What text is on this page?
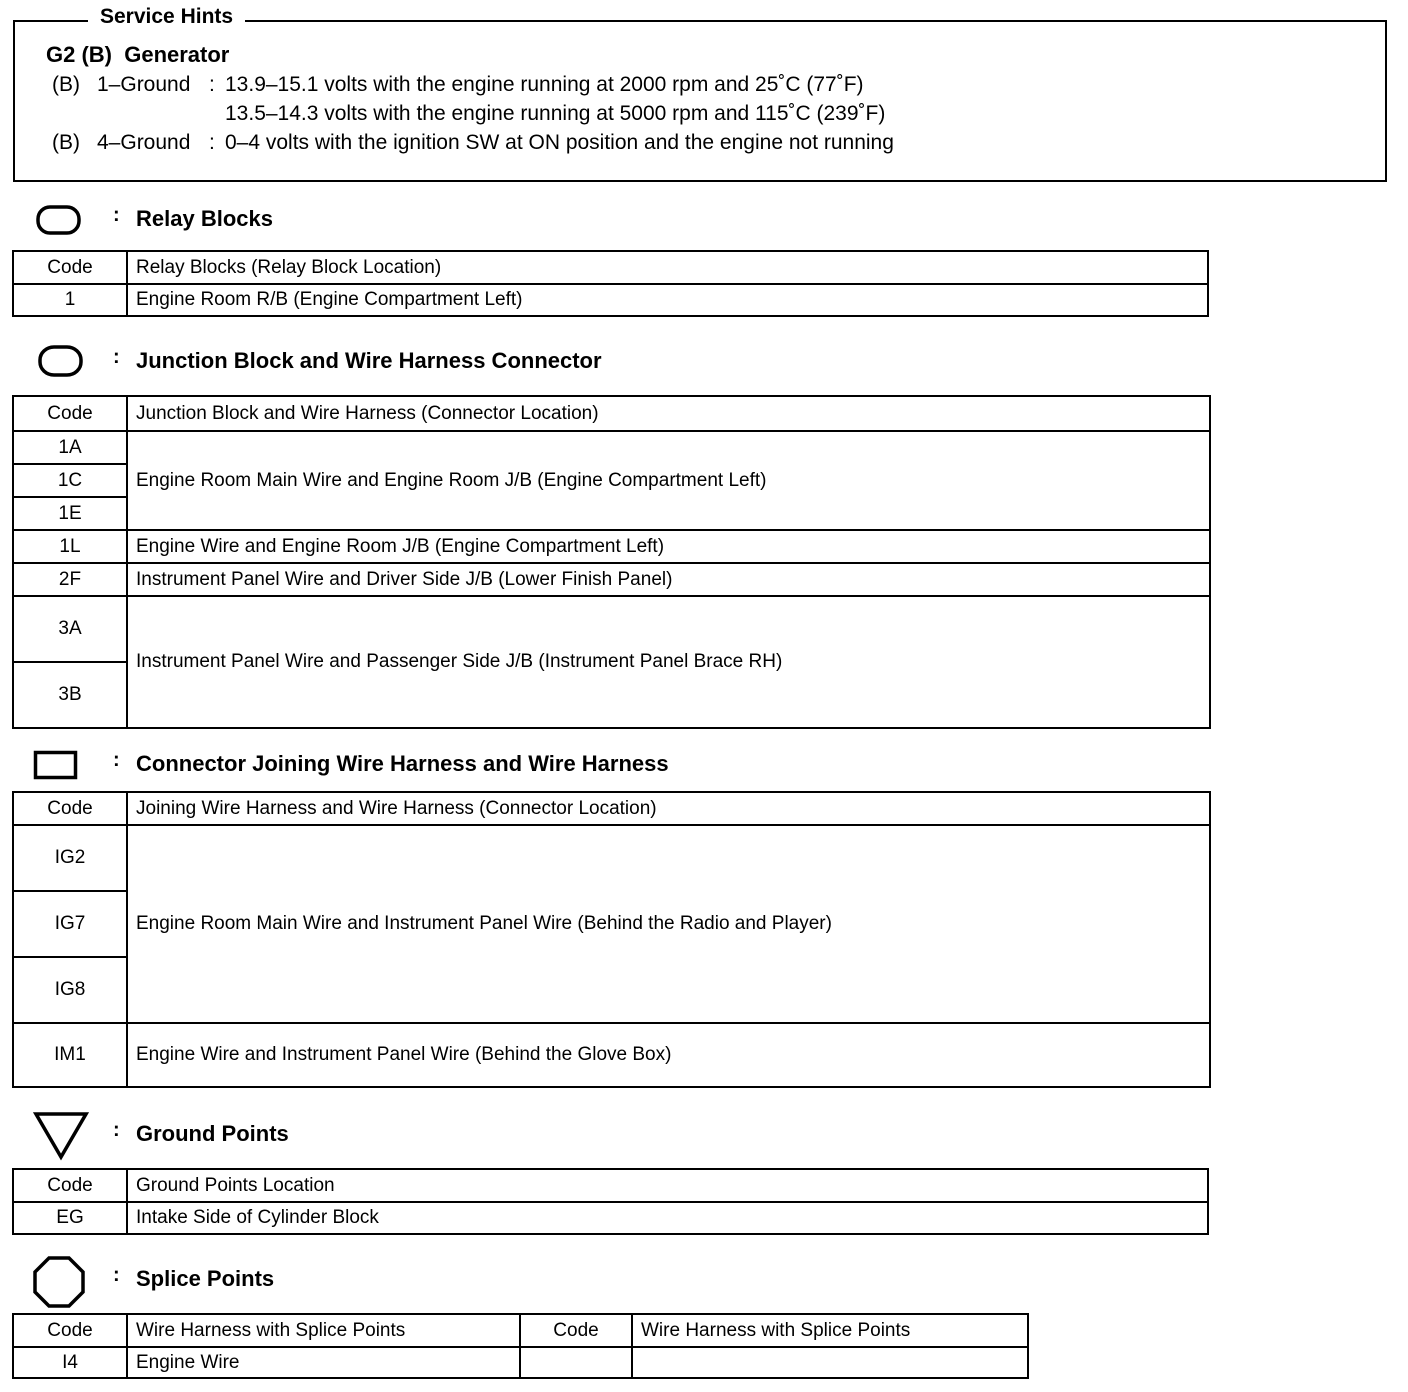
Service Hints
G2 (B)  Generator
(B) 1–Ground : 13.9–15.1 volts with the engine running at 2000 rpm and 25˚C (77˚F)
13.5–14.3 volts with the engine running at 5000 rpm and 115˚C (239˚F)
(B) 4–Ground : 0–4 volts with the ignition SW at ON position and the engine not running
: Relay Blocks
Code	Relay Blocks (Relay Block Location)
1	Engine Room R/B (Engine Compartment Left)
: Junction Block and Wire Harness Connector
Code	Junction Block and Wire Harness (Connector Location)
1A	Engine Room Main Wire and Engine Room J/B (Engine Compartment Left)
1C	
1E	
1L	Engine Wire and Engine Room J/B (Engine Compartment Left)
2F	Instrument Panel Wire and Driver Side J/B (Lower Finish Panel)
3A	Instrument Panel Wire and Passenger Side J/B (Instrument Panel Brace RH)
3B	
: Connector Joining Wire Harness and Wire Harness
Code	Joining Wire Harness and Wire Harness (Connector Location)
IG2	Engine Room Main Wire and Instrument Panel Wire (Behind the Radio and Player)
IG7	
IG8	
IM1	Engine Wire and Instrument Panel Wire (Behind the Glove Box)
: Ground Points
Code	Ground Points Location
EG	Intake Side of Cylinder Block
: Splice Points
Code	Wire Harness with Splice Points	Code	Wire Harness with Splice Points
I4	Engine Wire		
